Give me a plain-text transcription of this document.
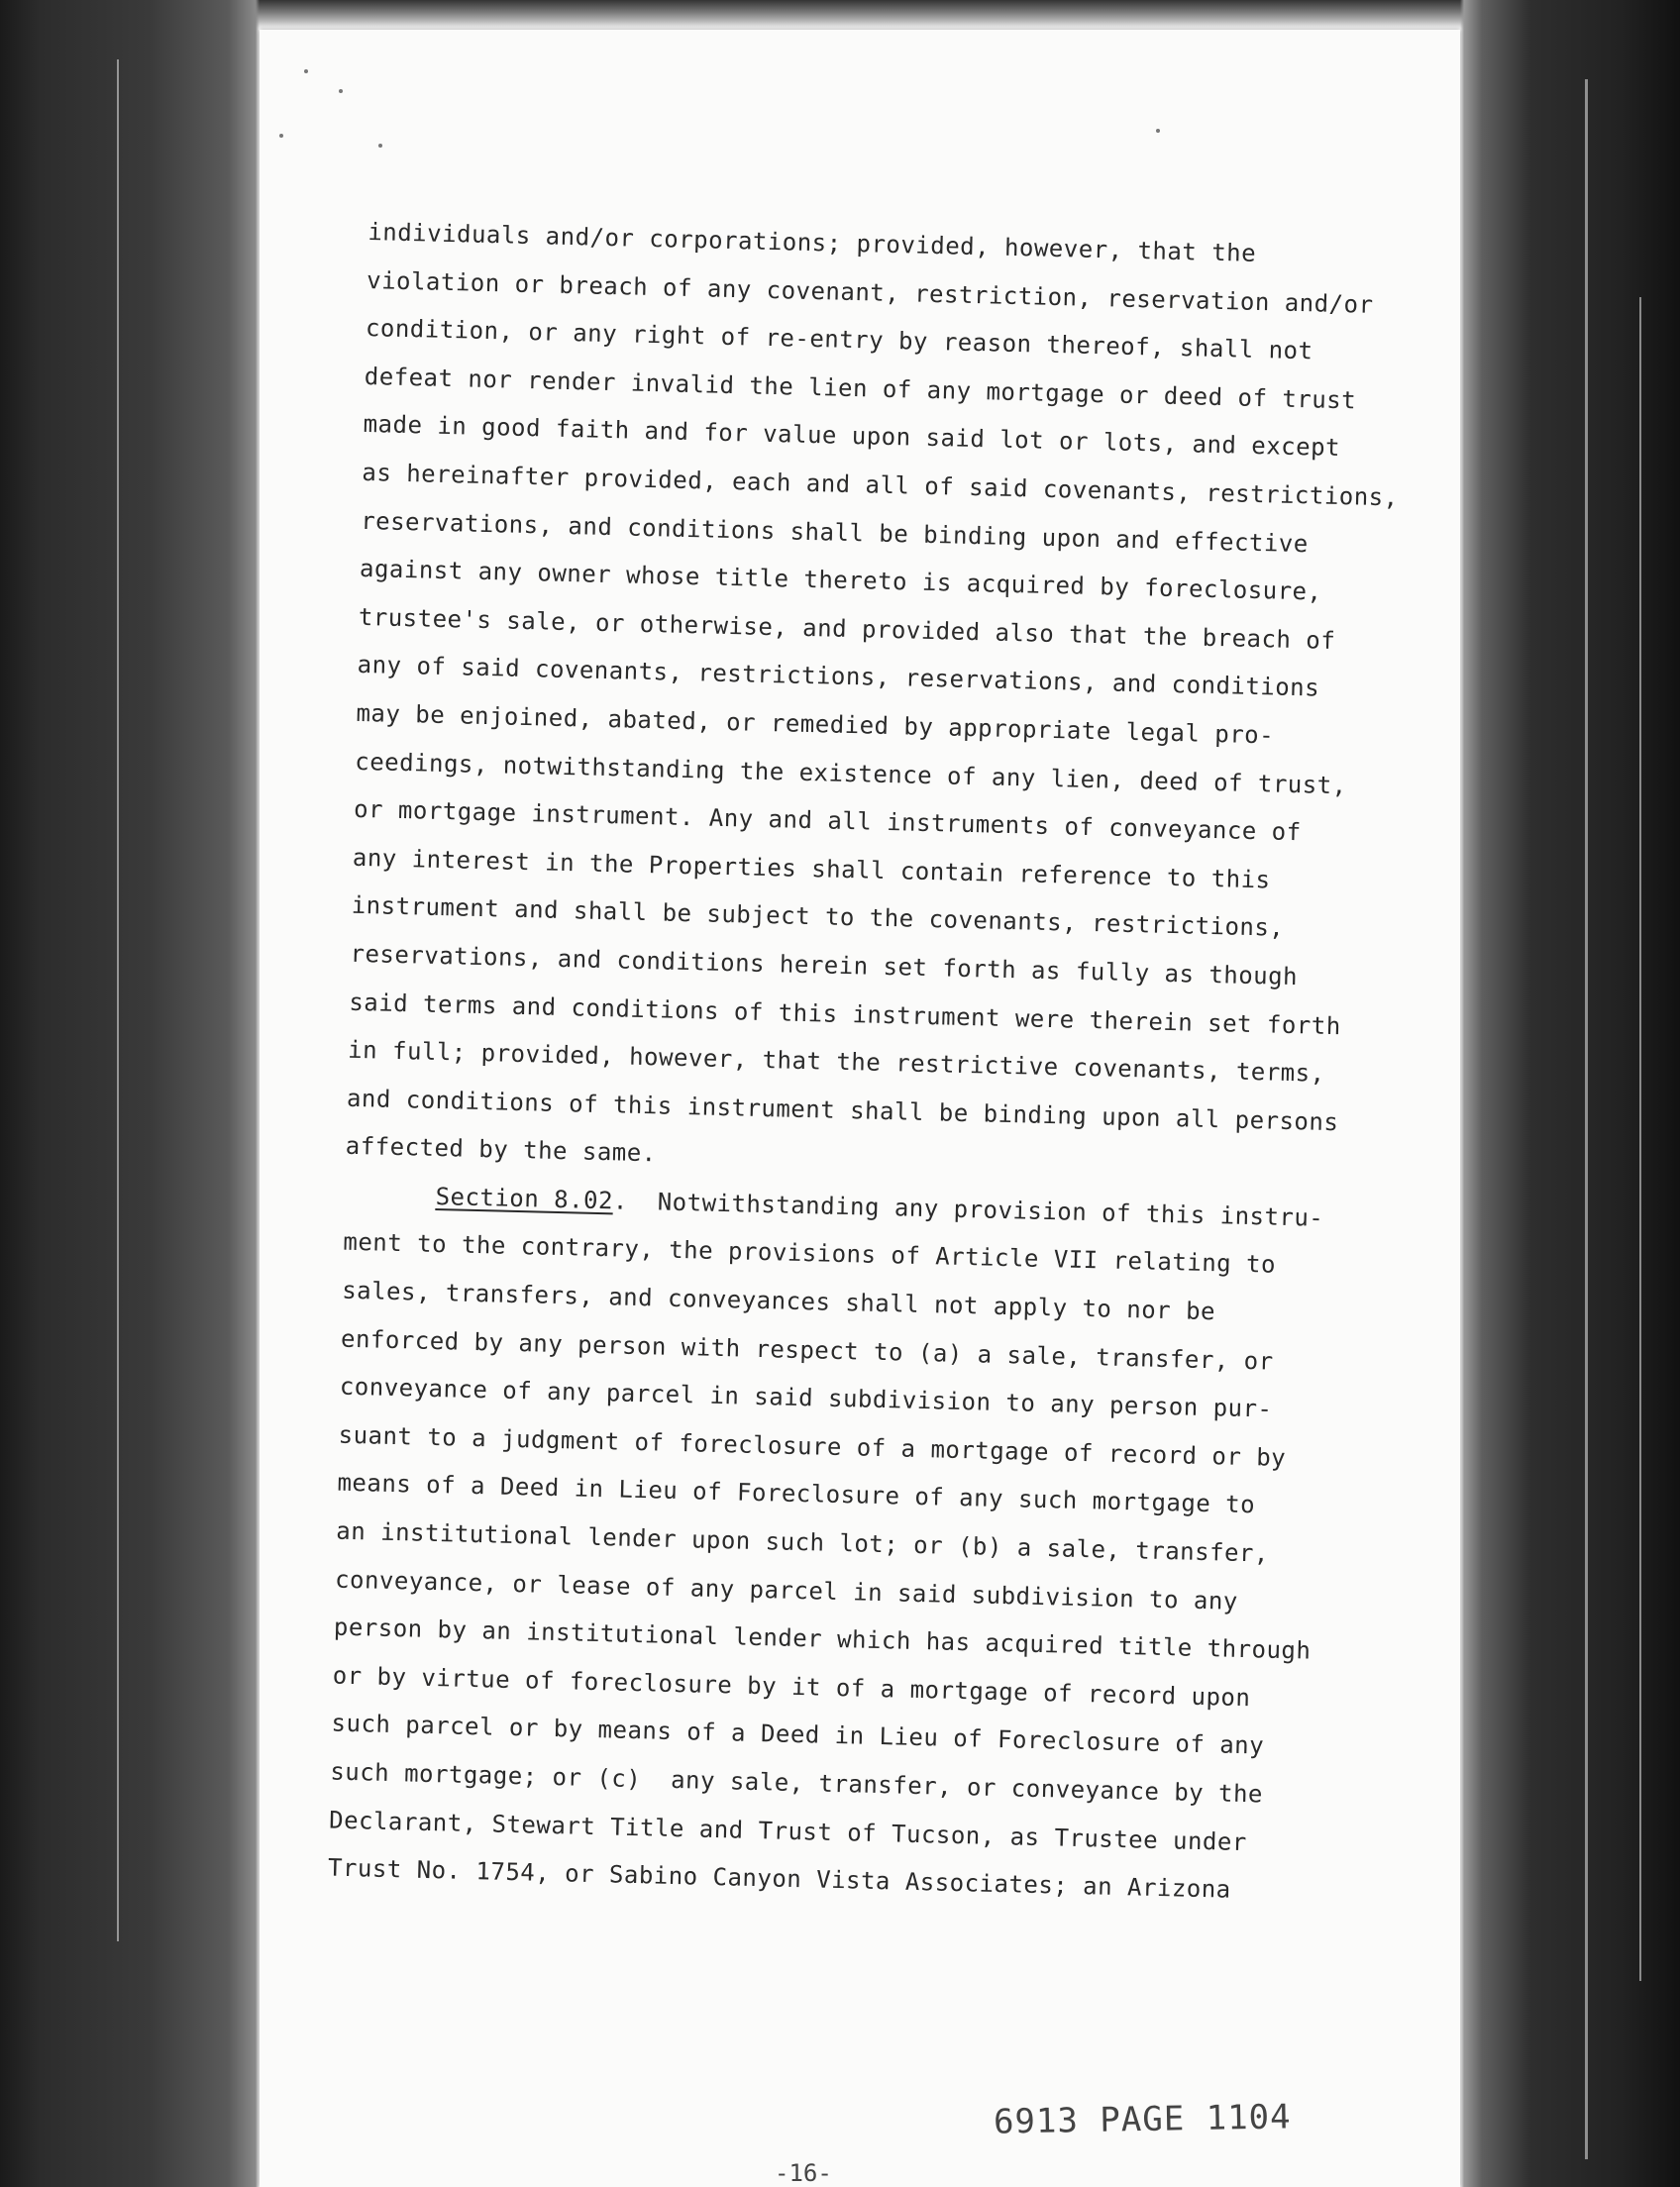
individuals and/or corporations; provided, however, that the
violation or breach of any covenant, restriction, reservation and/or
condition, or any right of re-entry by reason thereof, shall not
defeat nor render invalid the lien of any mortgage or deed of trust
made in good faith and for value upon said lot or lots, and except
as hereinafter provided, each and all of said covenants, restrictions,
reservations, and conditions shall be binding upon and effective
against any owner whose title thereto is acquired by foreclosure,
trustee's sale, or otherwise, and provided also that the breach of
any of said covenants, restrictions, reservations, and conditions
may be enjoined, abated, or remedied by appropriate legal pro-
ceedings, notwithstanding the existence of any lien, deed of trust,
or mortgage instrument. Any and all instruments of conveyance of
any interest in the Properties shall contain reference to this
instrument and shall be subject to the covenants, restrictions,
reservations, and conditions herein set forth as fully as though
said terms and conditions of this instrument were therein set forth
in full; provided, however, that the restrictive covenants, terms,
and conditions of this instrument shall be binding upon all persons
affected by the same.
Section 8.02.  Notwithstanding any provision of this instru-
ment to the contrary, the provisions of Article VII relating to
sales, transfers, and conveyances shall not apply to nor be
enforced by any person with respect to (a) a sale, transfer, or
conveyance of any parcel in said subdivision to any person pur-
suant to a judgment of foreclosure of a mortgage of record or by
means of a Deed in Lieu of Foreclosure of any such mortgage to
an institutional lender upon such lot; or (b) a sale, transfer,
conveyance, or lease of any parcel in said subdivision to any
person by an institutional lender which has acquired title through
or by virtue of foreclosure by it of a mortgage of record upon
such parcel or by means of a Deed in Lieu of Foreclosure of any
such mortgage; or (c)  any sale, transfer, or conveyance by the
Declarant, Stewart Title and Trust of Tucson, as Trustee under
Trust No. 1754, or Sabino Canyon Vista Associates; an Arizona
6913 PAGE 1104
-16-
